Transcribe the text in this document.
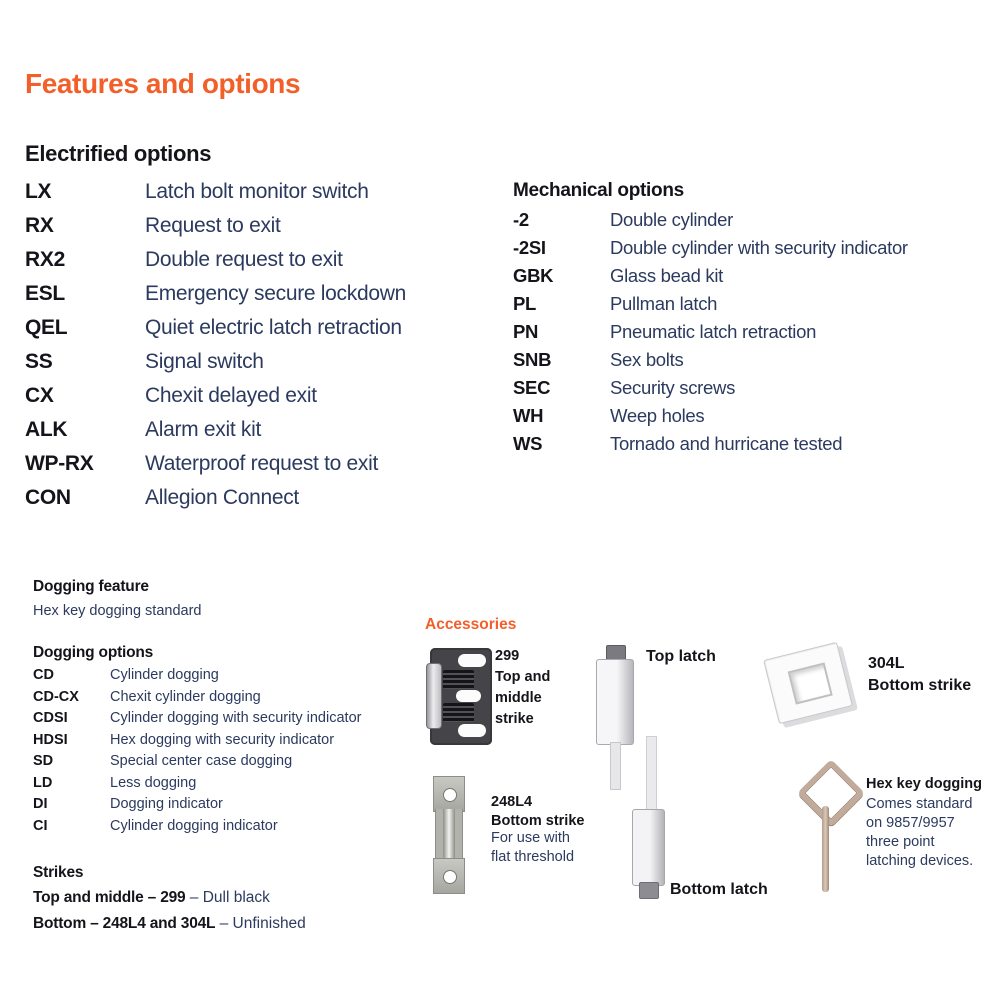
Features and options
Electrified options
LX	Latch bolt monitor switch
RX	Request to exit
RX2	Double request to exit
ESL	Emergency secure lockdown
QEL	Quiet electric latch retraction
SS	Signal switch
CX	Chexit delayed exit
ALK	Alarm exit kit
WP-RX	Waterproof request to exit
CON	Allegion Connect
Mechanical options
-2	Double cylinder
-2SI	Double cylinder with security indicator
GBK	Glass bead kit
PL	Pullman latch
PN	Pneumatic latch retraction
SNB	Sex bolts
SEC	Security screws
WH	Weep holes
WS	Tornado and hurricane tested

Dogging feature

Hex key dogging standard

Dogging options

CD	Cylinder dogging
CD-CX	Chexit cylinder dogging
CDSI	Cylinder dogging with security indicator
HDSI	Hex dogging with security indicator
SD	Special center case dogging
LD	Less dogging
DI	Dogging indicator
CI	Cylinder dogging indicator

Strikes

Top and middle – 299 – Dull black

Bottom – 248L4 and 304L – Unfinished

Accessories

299
Top and
middle
strike

Top latch	304L
Bottom strike

248L4
Bottom strike

For use with
flat threshold

Bottom latch

Hex key dogging

Comes standard
on 9857/9957
three point
latching devices.
